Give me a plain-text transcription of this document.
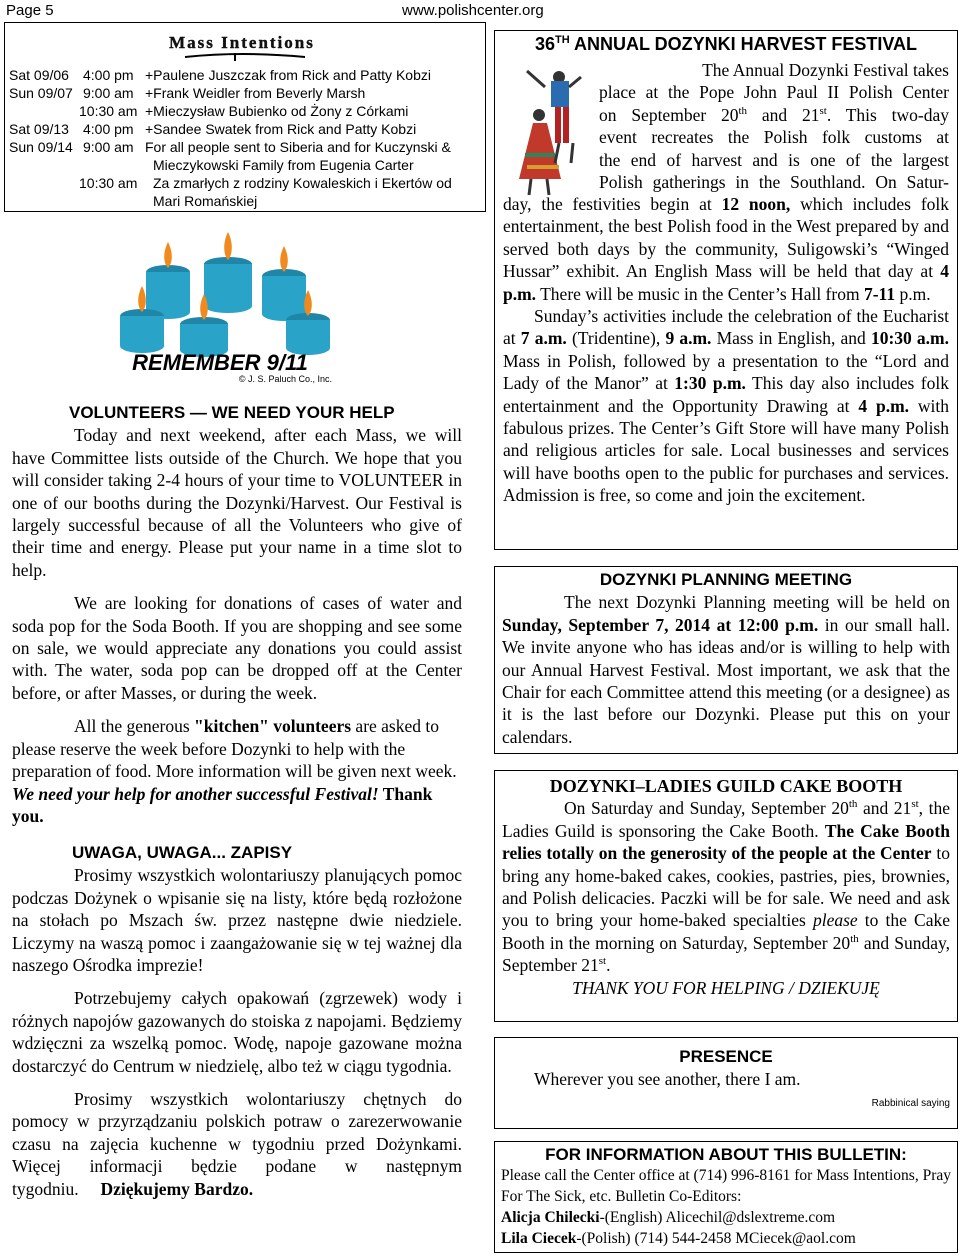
Page 5	www.polishcenter.org
Mass Intentions
Sat 09/06 4:00 pm +Paulene Juszczak from Rick and Patty Kobzi
Sun 09/07 9:00 am +Frank Weidler from Beverly Marsh
10:30 am +Mieczysław Bubienko od Żony z Córkami
Sat 09/13 4:00 pm +Sandee Swatek from Rick and Patty Kobzi
Sun 09/14 9:00 am For all people sent to Siberia and for Kuczynski &
Mieczykowski Family from Eugenia Carter
10:30 am Za zmarłych z rodziny Kowaleskich i Ekertów od
Mari Romańskiej
REMEMBER 9/11
© J. S. Paluch Co., Inc.
VOLUNTEERS — WE NEED YOUR HELP

Today and next weekend, after each Mass, we will have Committee lists outside of the Church. We hope that you will consider taking 2-4 hours of your time to VOLUNTEER in one of our booths during the Dozynki/Harvest. Our Festival is largely successful because of all the Volunteers who give of their time and energy. Please put your name in a time slot to help.

We are looking for donations of cases of water and soda pop for the Soda Booth. If you are shopping and see some on sale, we would appreciate any donations you could assist with. The water, soda pop can be dropped off at the Center before, or after Masses, or during the week.

All the generous "kitchen" volunteers are asked to please reserve the week before Dozynki to help with the preparation of food. More information will be given next week. We need your help for another successful Festival! Thank you.

UWAGA, UWAGA... ZAPISY

Prosimy wszystkich wolontariuszy planujących pomoc podczas Dożynek o wpisanie się na listy, które będą rozłożone na stołach po Mszach św. przez następne dwie niedziele. Liczymy na waszą pomoc i zaangażowanie się w tej ważnej dla naszego Ośrodka imprezie!

Potrzebujemy całych opakowań (zgrzewek) wody i różnych napojów gazowanych do stoiska z napojami. Będziemy wdzięczni za wszelką pomoc. Wodę, napoje gazowane można dostarczyć do Centrum w niedzielę, albo też w ciągu tygodnia.

Prosimy wszystkich wolontariuszy chętnych do pomocy w przyrządzaniu polskich potraw o zarezerwowanie czasu na zajęcia kuchenne w tygodniu przed Dożynkami. Więcej informacji będzie podane w następnym tygodniu. Dziękujemy Bardzo.

36TH ANNUAL DOZYNKI HARVEST FESTIVAL
The Annual Dozynki Festival takes
place at the Pope John Paul II Polish Center
on September 20th and 21st. This two-day
event recreates the Polish folk customs at
the end of harvest and is one of the largest
Polish gatherings in the Southland. On Satur-

day, the festivities begin at 12 noon, which includes folk entertainment, the best Polish food in the West prepared by and served both days by the community, Suligowski’s “Winged Hussar” exhibit. An English Mass will be held that day at 4 p.m. There will be music in the Center’s Hall from 7-11 p.m.

Sunday’s activities include the celebration of the Eucharist at 7 a.m. (Tridentine), 9 a.m. Mass in English, and 10:30 a.m. Mass in Polish, followed by a presentation to the “Lord and Lady of the Manor” at 1:30 p.m. This day also includes folk entertainment and the Opportunity Drawing at 4 p.m. with fabulous prizes. The Center’s Gift Store will have many Polish and religious articles for sale. Local businesses and services will have booths open to the public for purchases and services. Admission is free, so come and join the excitement.

DOZYNKI PLANNING MEETING

The next Dozynki Planning meeting will be held on Sunday, September 7, 2014 at 12:00 p.m. in our small hall. We invite anyone who has ideas and/or is willing to help with our Annual Harvest Festival. Most important, we ask that the Chair for each Committee attend this meeting (or a designee) as it is the last before our Dozynki. Please put this on your calendars.

DOZYNKI–LADIES GUILD CAKE BOOTH

On Saturday and Sunday, September 20th and 21st, the Ladies Guild is sponsoring the Cake Booth. The Cake Booth relies totally on the generosity of the people at the Center to bring any home-baked cakes, cookies, pastries, pies, brownies, and Polish delicacies. Paczki will be for sale. We need and ask you to bring your home-baked specialties please to the Cake Booth in the morning on Saturday, September 20th and Sunday, September 21st.

THANK YOU FOR HELPING / DZIEKUJĘ
PRESENCE
Wherever you see another, there I am.
Rabbinical saying
FOR INFORMATION ABOUT THIS BULLETIN:

Please call the Center office at (714) 996-8161 for Mass Intentions, Pray For The Sick, etc. Bulletin Co-Editors:

Alicja Chilecki-(English) Alicechil@dslextreme.com
Lila Ciecek-(Polish) (714) 544-2458 MCiecek@aol.com
